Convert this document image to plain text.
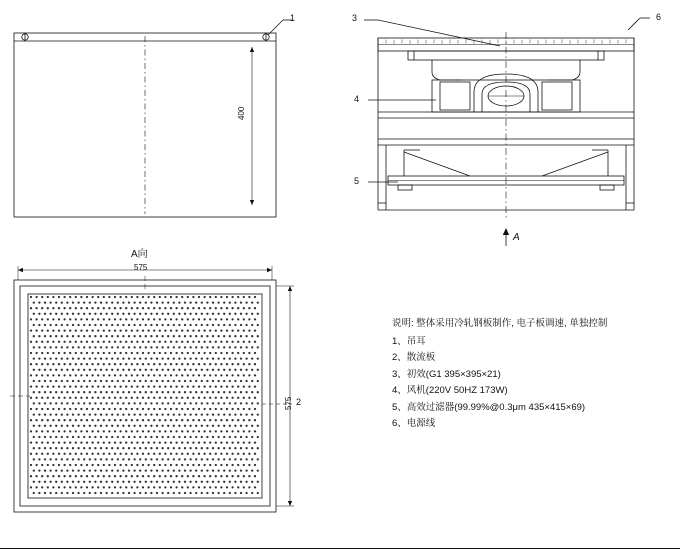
1
2
3
4
5
6
400
A向
575
575
A
说明: 整体采用冷轧钢板制作, 电子板调速, 单独控制
1、吊耳
2、散流板
3、初效(G1 395×395×21)
4、风机(220V 50HZ 173W)
5、高效过滤器(99.99%@0.3μm 435×415×69)
6、电源线
